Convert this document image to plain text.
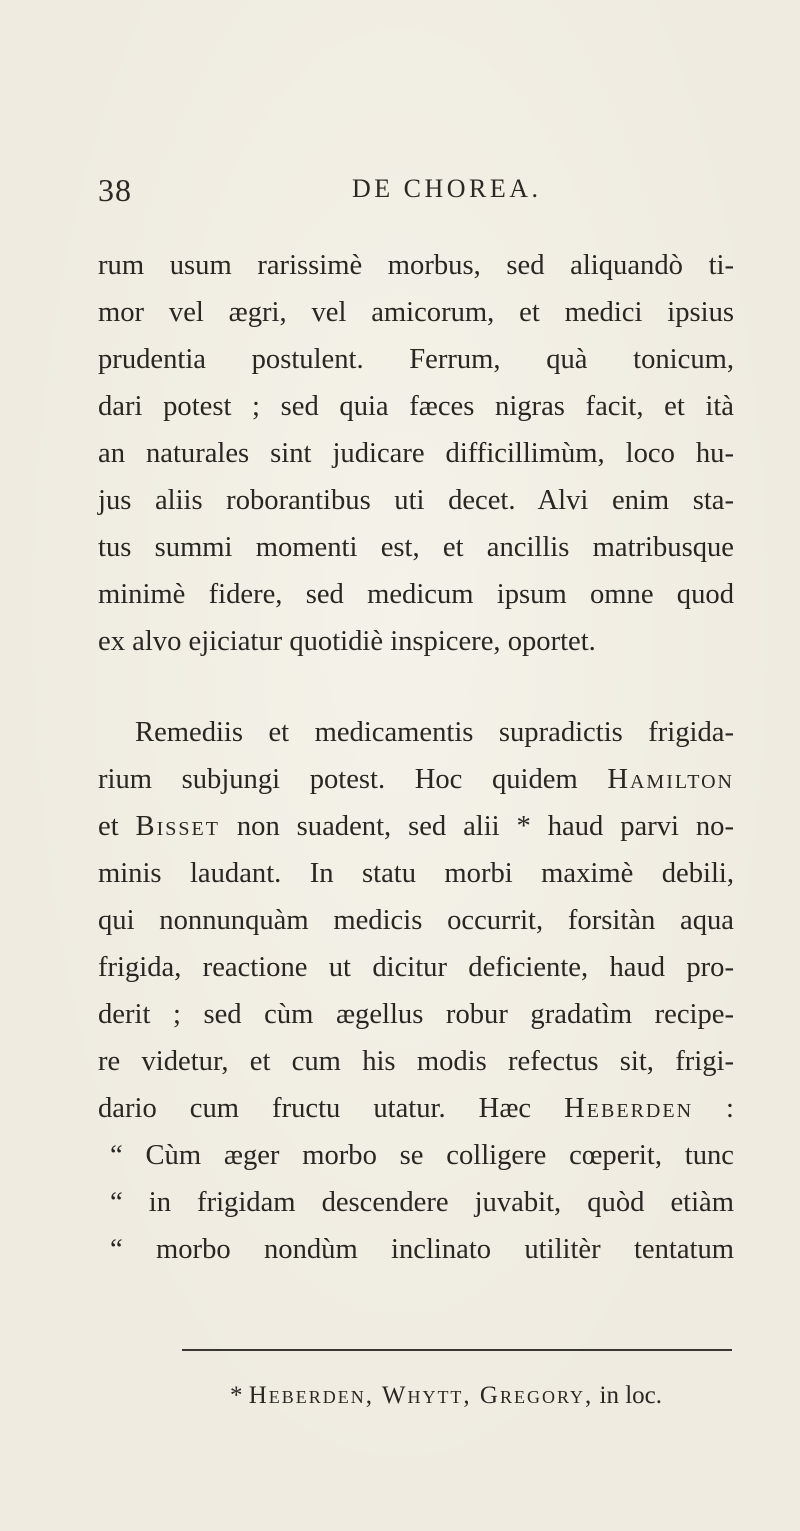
38	DE CHOREA.
rum usum rarissimè morbus, sed aliquandò ti-
mor vel ægri, vel amicorum, et medici ipsius
prudentia postulent. Ferrum, quà tonicum,
dari potest ; sed quia fæces nigras facit, et ità
an naturales sint judicare difficillimùm, loco hu-
jus aliis roborantibus uti decet. Alvi enim sta-
tus summi momenti est, et ancillis matribusque
minimè fidere, sed medicum ipsum omne quod
ex alvo ejiciatur quotidiè inspicere, oportet.
Remediis et medicamentis supradictis frigida-
rium subjungi potest. Hoc quidem Hamilton
et Bisset non suadent, sed alii * haud parvi no-
minis laudant. In statu morbi maximè debili,
qui nonnunquàm medicis occurrit, forsitàn aqua
frigida, reactione ut dicitur deficiente, haud pro-
derit ; sed cùm ægellus robur gradatìm recipe-
re videtur, et cum his modis refectus sit, frigi-
dario cum fructu utatur. Hæc Heberden :
“ Cùm æger morbo se colligere cœperit, tunc
“ in frigidam descendere juvabit, quòd etiàm
“ morbo nondùm inclinato utilitèr tentatum
* Heberden, Whytt, Gregory, in loc.
